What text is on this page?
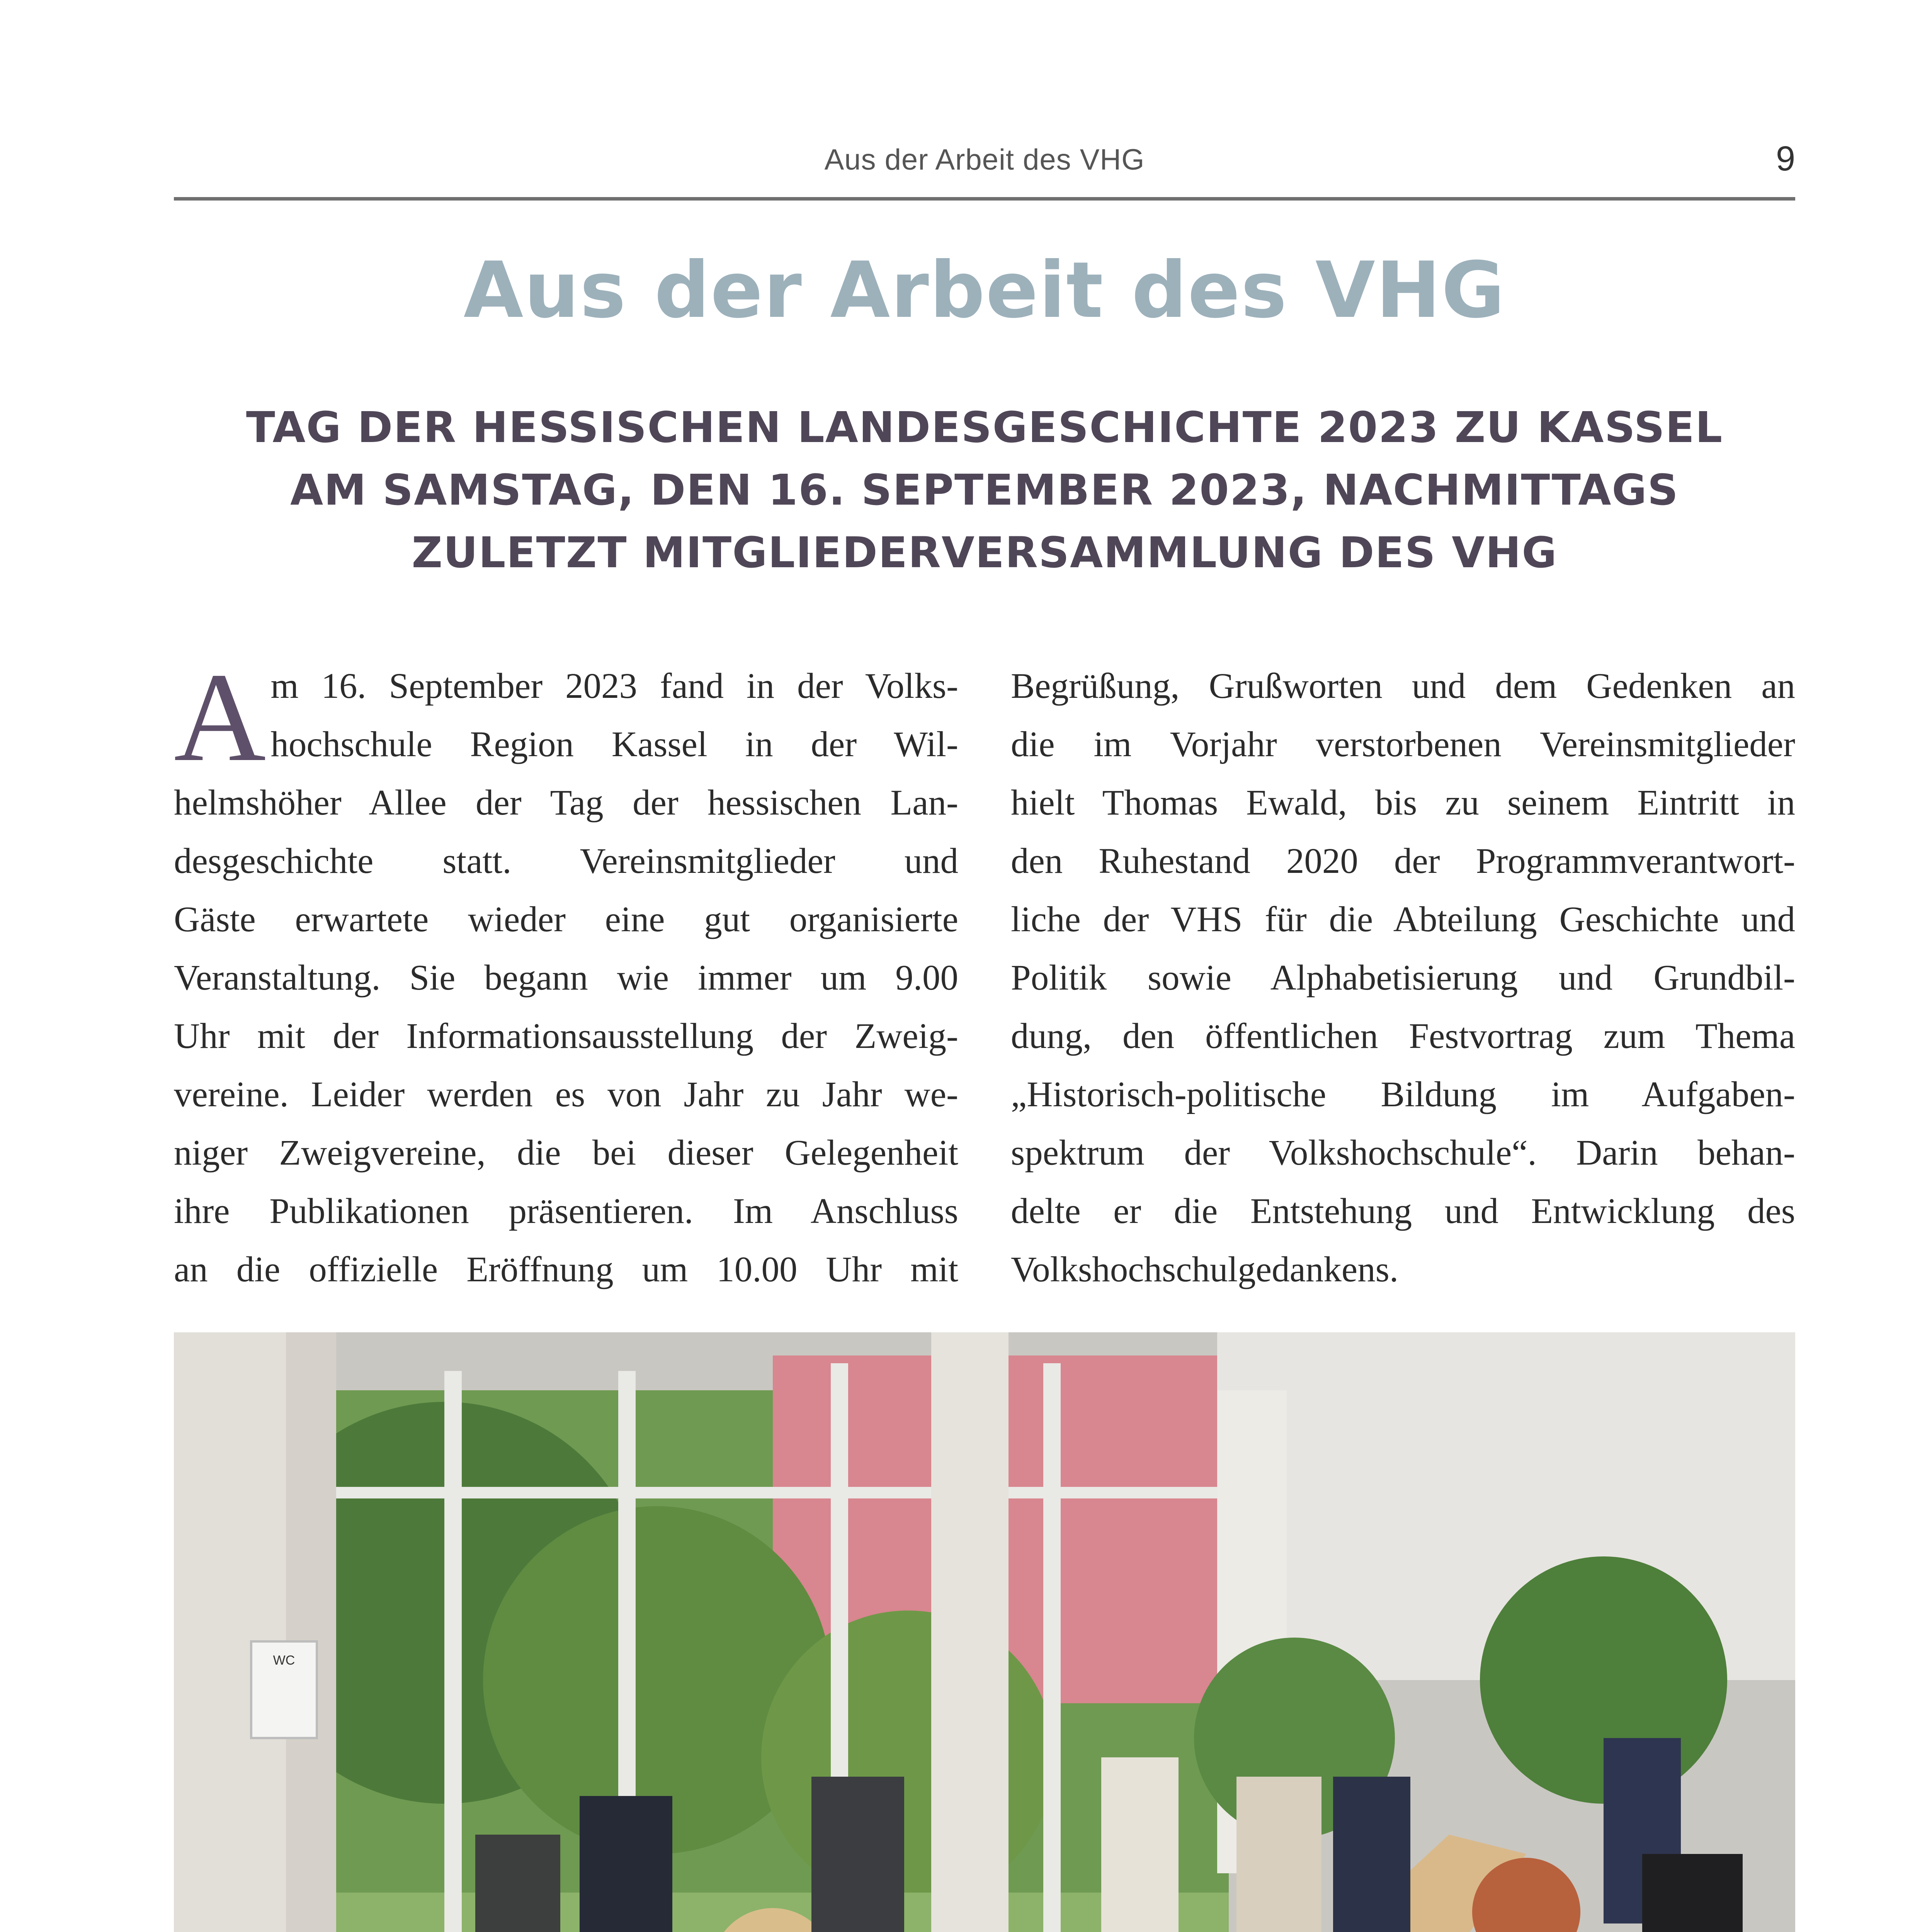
Aus der Arbeit des VHG	9
Aus der Arbeit des VHG
TAG DER HESSISCHEN LANDESGESCHICHTE 2023 ZU KASSEL
AM SAMSTAG, DEN 16. SEPTEMBER 2023, NACHMITTAGS
ZULETZT MITGLIEDERVERSAMMLUNG DES VHG
A m 16. September 2023 fand in der Volks-
hochschule Region Kassel in der Wil-
helmshöher Allee der Tag der hessischen Lan-
desgeschichte statt. Vereinsmitglieder und
Gäste erwartete wieder eine gut organisierte
Veranstaltung. Sie begann wie immer um 9.00
Uhr mit der Informationsausstellung der Zweig-
vereine. Leider werden es von Jahr zu Jahr we-
niger Zweigvereine, die bei dieser Gelegenheit
ihre Publikationen präsentieren. Im Anschluss
an die offizielle Eröffnung um 10.00 Uhr mit
Begrüßung, Grußworten und dem Gedenken an
die im Vorjahr verstorbenen Vereinsmitglieder
hielt Thomas Ewald, bis zu seinem Eintritt in
den Ruhestand 2020 der Programmverantwort-
liche der VHS für die Abteilung Geschichte und
Politik sowie Alphabetisierung und Grundbil-
dung, den öffentlichen Festvortrag zum Thema
„Historisch-politische Bildung im Aufgaben-
spektrum der Volkshochschule“. Darin behan-
delte er die Entstehung und Entwicklung des
Volkshochschulgedankens.
WC
